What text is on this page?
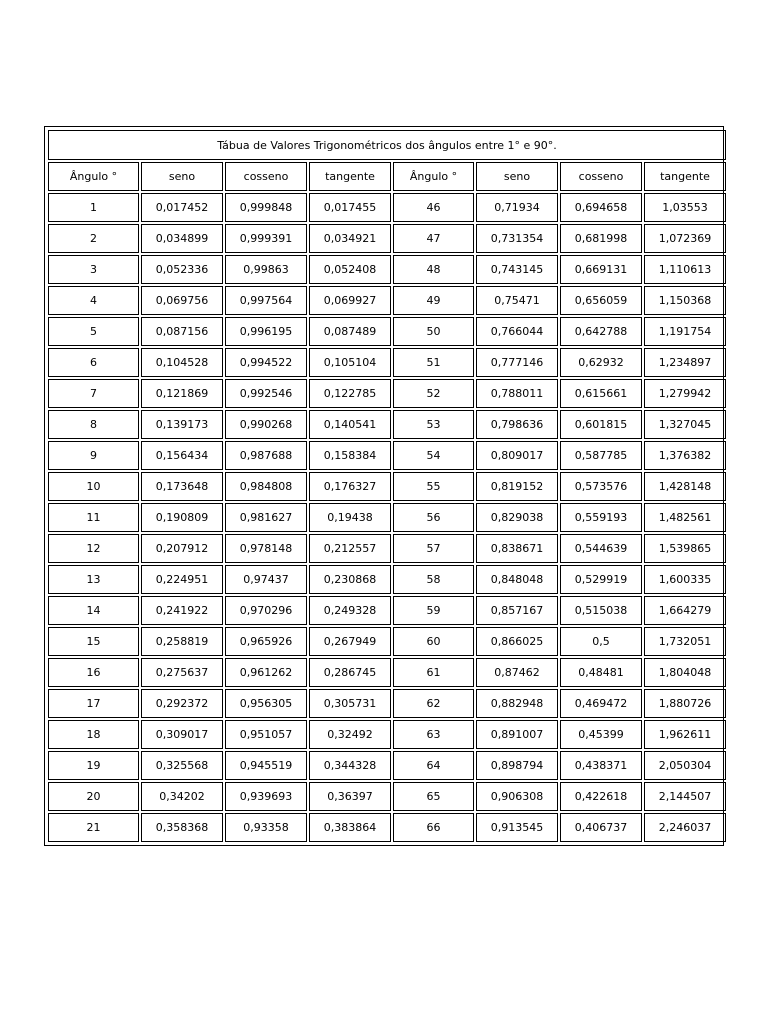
Tábua de Valores Trigonométricos dos ângulos entre 1° e 90°.							
Ângulo °	seno	cosseno	tangente	Ângulo °	seno	cosseno	tangente
1	0,017452	0,999848	0,017455	46	0,71934	0,694658	1,03553
2	0,034899	0,999391	0,034921	47	0,731354	0,681998	1,072369
3	0,052336	0,99863	0,052408	48	0,743145	0,669131	1,110613
4	0,069756	0,997564	0,069927	49	0,75471	0,656059	1,150368
5	0,087156	0,996195	0,087489	50	0,766044	0,642788	1,191754
6	0,104528	0,994522	0,105104	51	0,777146	0,62932	1,234897
7	0,121869	0,992546	0,122785	52	0,788011	0,615661	1,279942
8	0,139173	0,990268	0,140541	53	0,798636	0,601815	1,327045
9	0,156434	0,987688	0,158384	54	0,809017	0,587785	1,376382
10	0,173648	0,984808	0,176327	55	0,819152	0,573576	1,428148
11	0,190809	0,981627	0,19438	56	0,829038	0,559193	1,482561
12	0,207912	0,978148	0,212557	57	0,838671	0,544639	1,539865
13	0,224951	0,97437	0,230868	58	0,848048	0,529919	1,600335
14	0,241922	0,970296	0,249328	59	0,857167	0,515038	1,664279
15	0,258819	0,965926	0,267949	60	0,866025	0,5	1,732051
16	0,275637	0,961262	0,286745	61	0,87462	0,48481	1,804048
17	0,292372	0,956305	0,305731	62	0,882948	0,469472	1,880726
18	0,309017	0,951057	0,32492	63	0,891007	0,45399	1,962611
19	0,325568	0,945519	0,344328	64	0,898794	0,438371	2,050304
20	0,34202	0,939693	0,36397	65	0,906308	0,422618	2,144507
21	0,358368	0,93358	0,383864	66	0,913545	0,406737	2,246037
